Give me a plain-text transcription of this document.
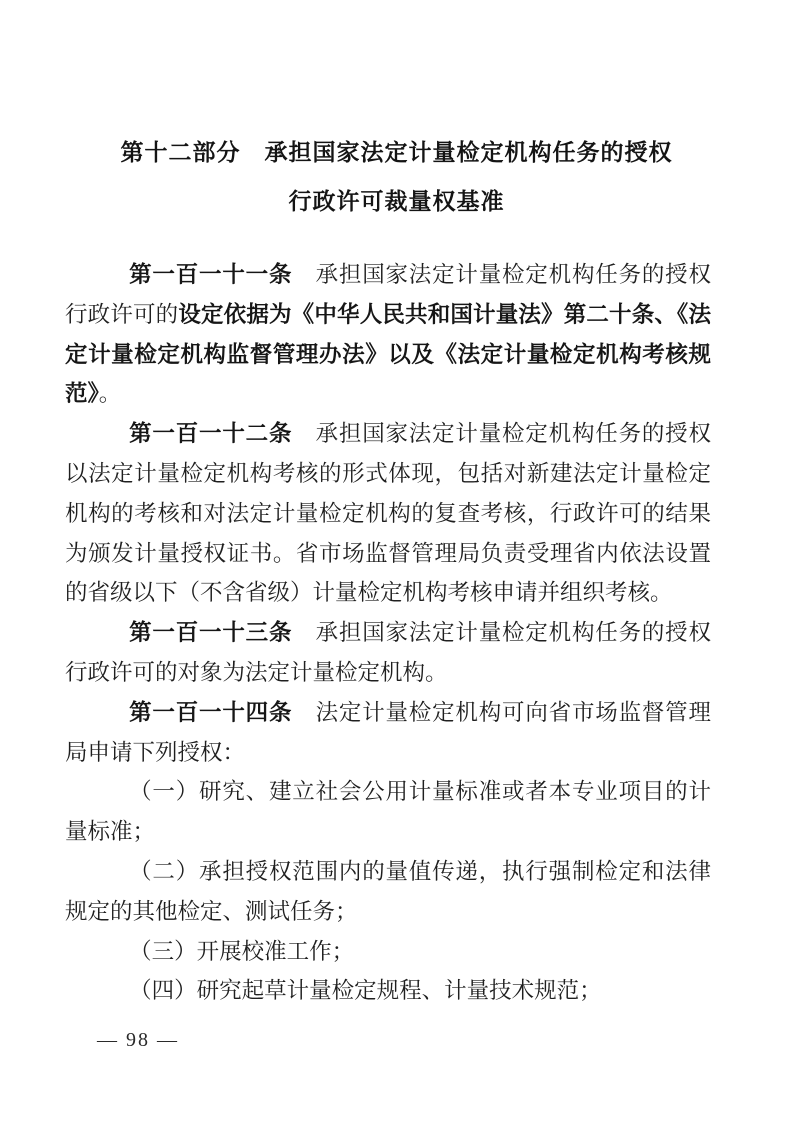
第十二部分　承担国家法定计量检定机构任务的授权
行政许可裁量权基准

第一百一十一条　承担国家法定计量检定机构任务的授权行政许可的设定依据为《中华人民共和国计量法》第二十条、《法定计量检定机构监督管理办法》以及《法定计量检定机构考核规范》。

第一百一十二条　承担国家法定计量检定机构任务的授权以法定计量检定机构考核的形式体现，包括对新建法定计量检定机构的考核和对法定计量检定机构的复查考核，行政许可的结果为颁发计量授权证书。省市场监督管理局负责受理省内依法设置的省级以下（不含省级）计量检定机构考核申请并组织考核。

第一百一十三条　承担国家法定计量检定机构任务的授权行政许可的对象为法定计量检定机构。

第一百一十四条　法定计量检定机构可向省市场监督管理局申请下列授权：

（一）研究、建立社会公用计量标准或者本专业项目的计量标准；

（二）承担授权范围内的量值传递，执行强制检定和法律规定的其他检定、测试任务；

（三）开展校准工作；

（四）研究起草计量检定规程、计量技术规范；

— 98 —
